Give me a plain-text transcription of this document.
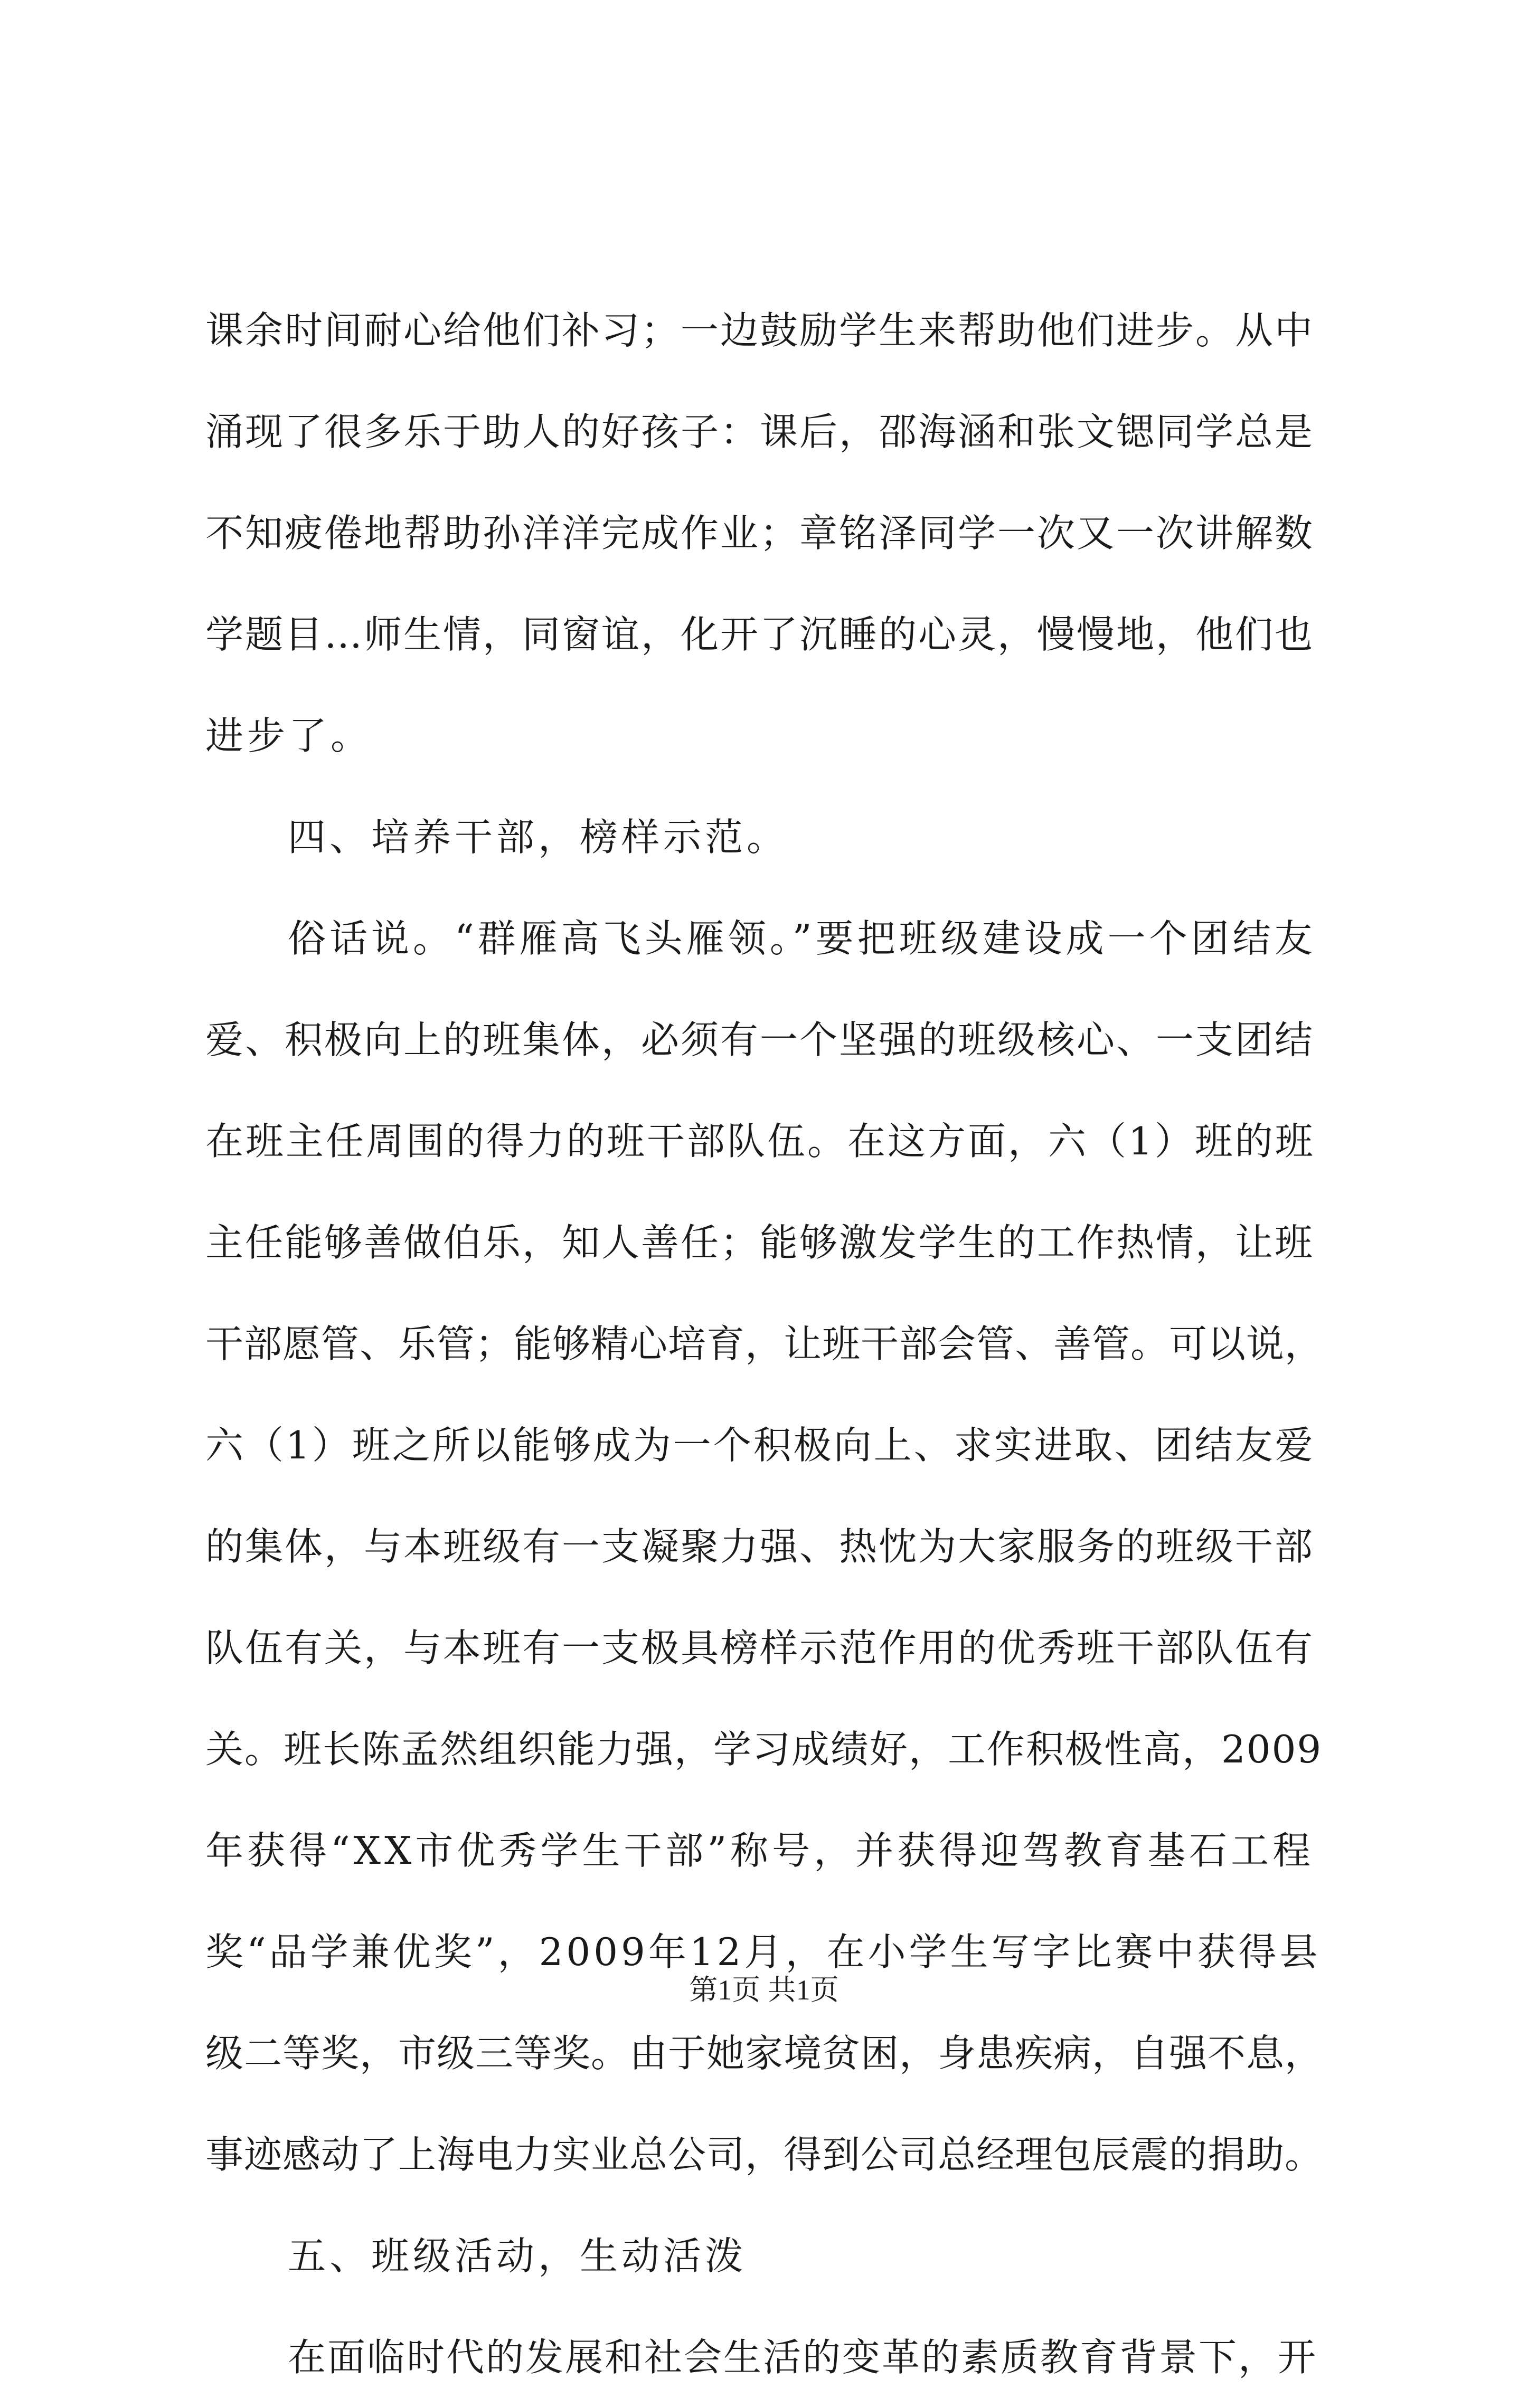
课余时间耐心给他们补习；一边鼓励学生来帮助他们进步。从中
涌现了很多乐于助人的好孩子：课后，邵海涵和张文锶同学总是
不知疲倦地帮助孙洋洋完成作业；章铭泽同学一次又一次讲解数
学题目…师生情，同窗谊，化开了沉睡的心灵，慢慢地，他们也
进步了。
四、培养干部，榜样示范。
俗话说。“群雁高飞头雁领。”要把班级建设成一个团结友
爱、积极向上的班集体，必须有一个坚强的班级核心、一支团结
在班主任周围的得力的班干部队伍。在这方面，六（1）班的班
主任能够善做伯乐，知人善任；能够激发学生的工作热情，让班
干部愿管、乐管；能够精心培育，让班干部会管、善管。可以说，
六（1）班之所以能够成为一个积极向上、求实进取、团结友爱
的集体，与本班级有一支凝聚力强、热忱为大家服务的班级干部
队伍有关，与本班有一支极具榜样示范作用的优秀班干部队伍有
关。班长陈孟然组织能力强，学习成绩好，工作积极性高，2009
年获得“XX市优秀学生干部”称号，并获得迎驾教育基石工程
奖“品学兼优奖”，2009年12月，在小学生写字比赛中获得县
级二等奖，市级三等奖。由于她家境贫困，身患疾病，自强不息，
事迹感动了上海电力实业总公司，得到公司总经理包辰震的捐助。
五、班级活动，生动活泼
在面临时代的发展和社会生活的变革的素质教育背景下，开
第1页 共1页
